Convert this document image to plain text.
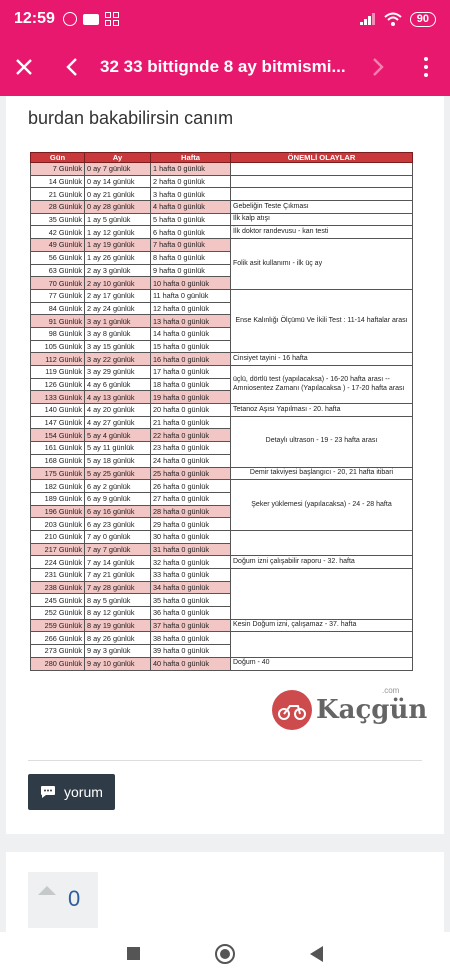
12:59	90
32 33 bittignde 8 ay bitmismi...
burdan bakabilirsin canım
Gün	Ay	Hafta	ÖNEMLİ OLAYLAR
7 Günlük	0 ay 7 günlük	1 hafta 0 günlük	
14 Günlük	0 ay 14 günlük	2 hafta 0 günlük	
21 Günlük	0 ay 21 günlük	3 hafta 0 günlük	
28 Günlük	0 ay 28 günlük	4 hafta 0 günlük	Gebeliğin Teste Çıkması
35 Günlük	1 ay 5 günlük	5 hafta 0 günlük	İlk kalp atışı
42 Günlük	1 ay 12 günlük	6 hafta 0 günlük	İlk doktor randevusu - kan testi
49 Günlük	1 ay 19 günlük	7 hafta 0 günlük	Folik asit kullanımı - ilk üç ay
56 Günlük	1 ay 26 günlük	8 hafta 0 günlük	
63 Günlük	2 ay 3 günlük	9 hafta 0 günlük	
70 Günlük	2 ay 10 günlük	10 hafta 0 günlük	
77 Günlük	2 ay 17 günlük	11 hafta 0 günlük	Ense Kalınlığı Ölçümü Ve İkili Test : 11-14 haftalar arası
84 Günlük	2 ay 24 günlük	12 hafta 0 günlük	
91 Günlük	3 ay 1 günlük	13 hafta 0 günlük	
98 Günlük	3 ay 8 günlük	14 hafta 0 günlük	
105 Günlük	3 ay 15 günlük	15 hafta 0 günlük	
112 Günlük	3 ay 22 günlük	16 hafta 0 günlük	Cinsiyet tayini - 16 hafta
119 Günlük	3 ay 29 günlük	17 hafta 0 günlük	üçlü, dörtlü test (yapılacaksa) - 16-20 hafta arası -- Amniosentez Zamanı (Yapılacaksa ) - 17-20 hafta arası
126 Günlük	4 ay 6 günlük	18 hafta 0 günlük	
133 Günlük	4 ay 13 günlük	19 hafta 0 günlük	
140 Günlük	4 ay 20 günlük	20 hafta 0 günlük	Tetanoz Aşısı Yapılması - 20. hafta
147 Günlük	4 ay 27 günlük	21 hafta 0 günlük	Detaylı ultrason - 19 - 23 hafta arası
154 Günlük	5 ay 4 günlük	22 hafta 0 günlük	
161 Günlük	5 ay 11 günlük	23 hafta 0 günlük	
168 Günlük	5 ay 18 günlük	24 hafta 0 günlük	
175 Günlük	5 ay 25 günlük	25 hafta 0 günlük	Demir takviyesi başlangıcı - 20, 21 hafta itibari
182 Günlük	6 ay 2 günlük	26 hafta 0 günlük	Şeker yüklemesi (yapılacaksa) - 24 - 28 hafta
189 Günlük	6 ay 9 günlük	27 hafta 0 günlük	
196 Günlük	6 ay 16 günlük	28 hafta 0 günlük	
203 Günlük	6 ay 23 günlük	29 hafta 0 günlük	
210 Günlük	7 ay 0 günlük	30 hafta 0 günlük	
217 Günlük	7 ay 7 günlük	31 hafta 0 günlük	
224 Günlük	7 ay 14 günlük	32 hafta 0 günlük	Doğum izni çalışabilir raporu - 32. hafta
231 Günlük	7 ay 21 günlük	33 hafta 0 günlük	
238 Günlük	7 ay 28 günlük	34 hafta 0 günlük	
245 Günlük	8 ay 5 günlük	35 hafta 0 günlük	
252 Günlük	8 ay 12 günlük	36 hafta 0 günlük	
259 Günlük	8 ay 19 günlük	37 hafta 0 günlük	Kesin Doğum izni, çalışamaz - 37. hafta
266 Günlük	8 ay 26 günlük	38 hafta 0 günlük	
273 Günlük	9 ay 3 günlük	39 hafta 0 günlük	
280 Günlük	9 ay 10 günlük	40 hafta 0 günlük	Doğum - 40
Kaçgün
.com
yorum
0
